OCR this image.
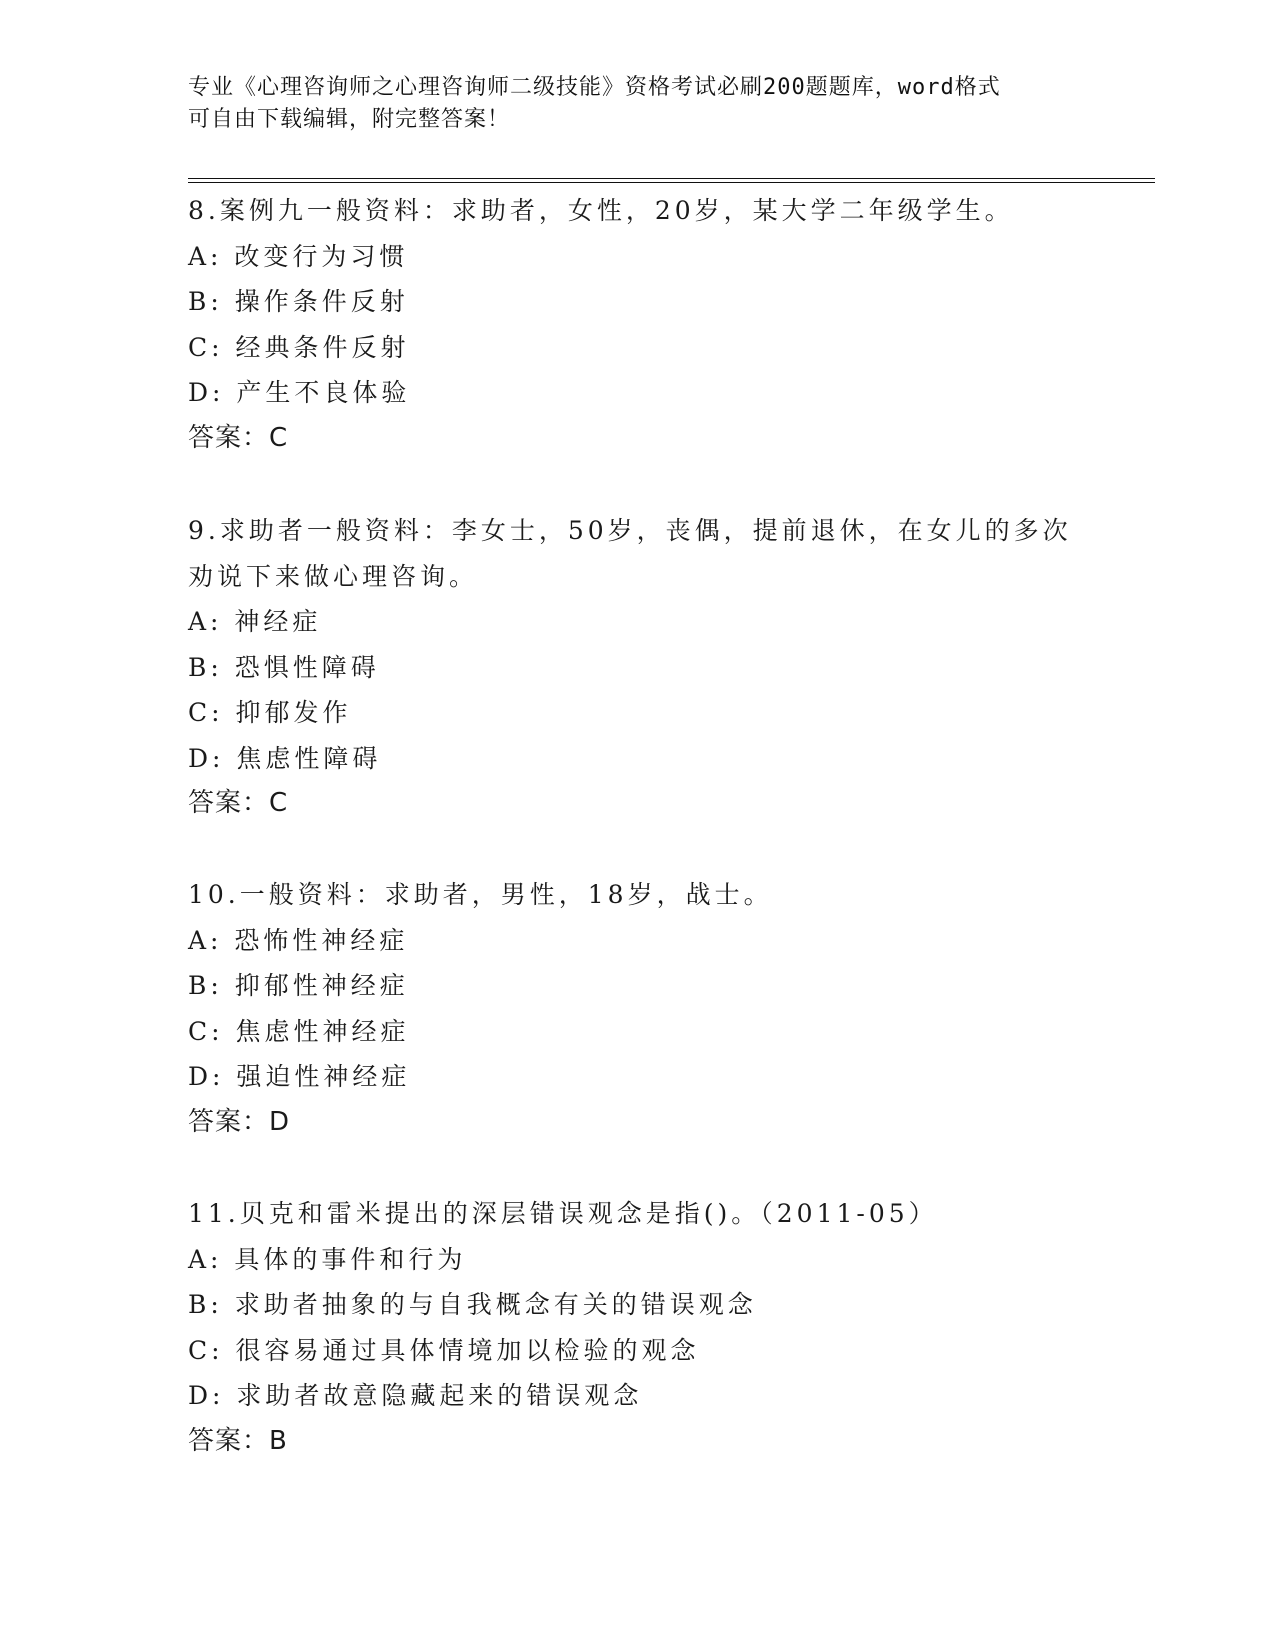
专业《心理咨询师之心理咨询师二级技能》资格考试必刷200题题库，word格式
可自由下载编辑，附完整答案！
8.案例九一般资料：求助者，女性，20岁，某大学二年级学生。
A: 改变行为习惯
B: 操作条件反射
C: 经典条件反射
D: 产生不良体验
答案：C
9.求助者一般资料：李女士，50岁，丧偶，提前退休，在女儿的多次
劝说下来做心理咨询。
A: 神经症
B: 恐惧性障碍
C: 抑郁发作
D: 焦虑性障碍
答案：C
10.一般资料：求助者，男性，18岁，战士。
A: 恐怖性神经症
B: 抑郁性神经症
C: 焦虑性神经症
D: 强迫性神经症
答案：D
11.贝克和雷米提出的深层错误观念是指()。（2011-05）
A: 具体的事件和行为
B: 求助者抽象的与自我概念有关的错误观念
C: 很容易通过具体情境加以检验的观念
D: 求助者故意隐藏起来的错误观念
答案：B
